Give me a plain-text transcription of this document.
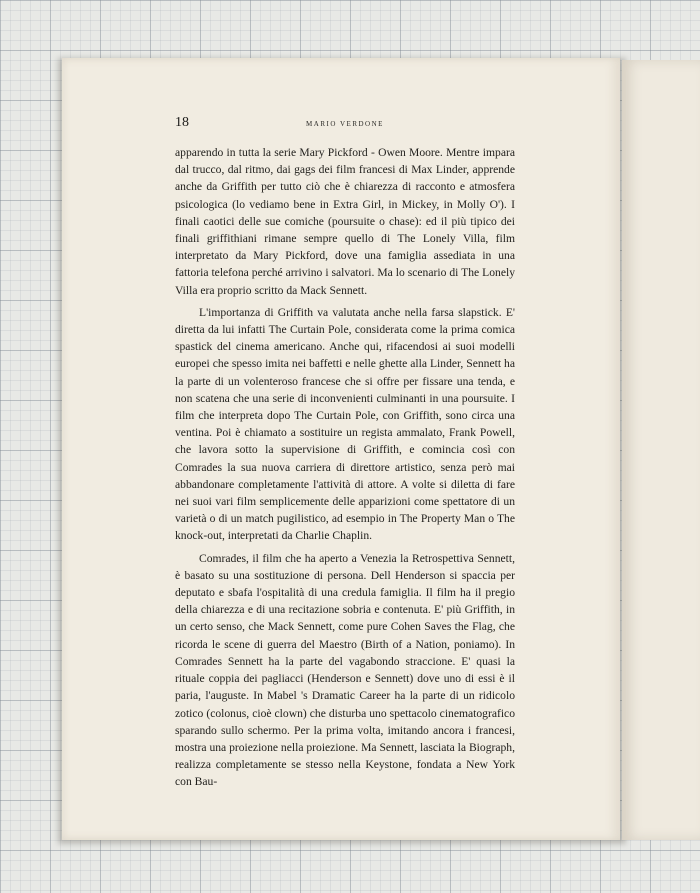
18	MARIO VERDONE

apparendo in tutta la serie Mary Pickford - Owen Moore. Mentre impara dal trucco, dal ritmo, dai gags dei film francesi di Max Linder, apprende anche da Griffith per tutto ciò che è chiarezza di racconto e atmosfera psicologica (lo vediamo bene in Extra Girl, in Mickey, in Molly O'). I finali caotici delle sue comiche (poursuite o chase): ed il più tipico dei finali griffithiani rimane sempre quello di The Lonely Villa, film interpretato da Mary Pickford, dove una famiglia assediata in una fattoria telefona perché arrivino i salvatori. Ma lo scenario di The Lonely Villa era proprio scritto da Mack Sennett.

L'importanza di Griffith va valutata anche nella farsa slapstick. E' diretta da lui infatti The Curtain Pole, considerata come la prima comica spastick del cinema americano. Anche qui, rifacendosi ai suoi modelli europei che spesso imita nei baffetti e nelle ghette alla Linder, Sennett ha la parte di un volenteroso francese che si offre per fissare una tenda, e non scatena che una serie di inconvenienti culminanti in una poursuite. I film che interpreta dopo The Curtain Pole, con Griffith, sono circa una ventina. Poi è chiamato a sostituire un regista ammalato, Frank Powell, che lavora sotto la supervisione di Griffith, e comincia così con Comrades la sua nuova carriera di direttore artistico, senza però mai abbandonare completamente l'attività di attore. A volte si diletta di fare nei suoi vari film semplicemente delle apparizioni come spettatore di un varietà o di un match pugilistico, ad esempio in The Property Man o The knock-out, interpretati da Charlie Chaplin.

Comrades, il film che ha aperto a Venezia la Retrospettiva Sennett, è basato su una sostituzione di persona. Dell Henderson si spaccia per deputato e sbafa l'ospitalità di una credula famiglia. Il film ha il pregio della chiarezza e di una recitazione sobria e contenuta. E' più Griffith, in un certo senso, che Mack Sennett, come pure Cohen Saves the Flag, che ricorda le scene di guerra del Maestro (Birth of a Nation, poniamo). In Comrades Sennett ha la parte del vagabondo straccione. E' quasi la rituale coppia dei pagliacci (Henderson e Sennett) dove uno di essi è il paria, l'auguste. In Mabel 's Dramatic Career ha la parte di un ridicolo zotico (colonus, cioè clown) che disturba uno spettacolo cinematografico sparando sullo schermo. Per la prima volta, imitando ancora i francesi, mostra una proiezione nella proiezione. Ma Sennett, lasciata la Biograph, realizza completamente se stesso nella Keystone, fondata a New York con Bau-
